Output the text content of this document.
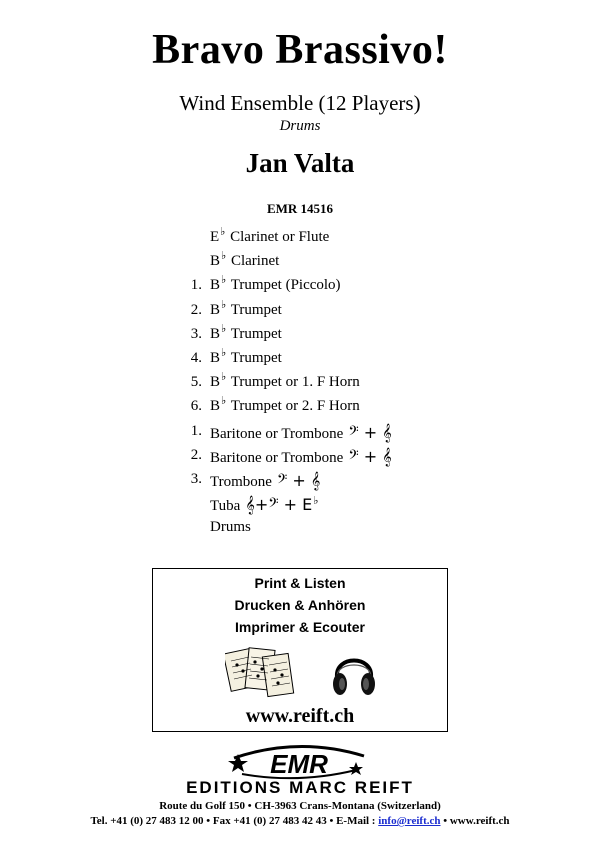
Bravo Brassivo!
Wind Ensemble (12 Players)
Drums
Jan Valta
EMR 14516
E♭ Clarinet or Flute
B♭ Clarinet
1. B♭ Trumpet (Piccolo)
2. B♭ Trumpet
3. B♭ Trumpet
4. B♭ Trumpet
5. B♭ Trumpet or 1. F Horn
6. B♭ Trumpet or 2. F Horn
1. Baritone or Trombone 𝄢 + 𝄞
2. Baritone or Trombone 𝄢 + 𝄞
3. Trombone 𝄢 + 𝄞
Tuba 𝄞+𝄢 + E♭
Drums
Print & Listen
Drucken & Anhören
Imprimer & Ecouter
www.reift.ch
EMR
EDITIONS MARC REIFT
Route du Golf 150 • CH-3963 Crans-Montana (Switzerland)
Tel. +41 (0) 27 483 12 00 • Fax +41 (0) 27 483 42 43 • E-Mail : info@reift.ch • www.reift.ch
